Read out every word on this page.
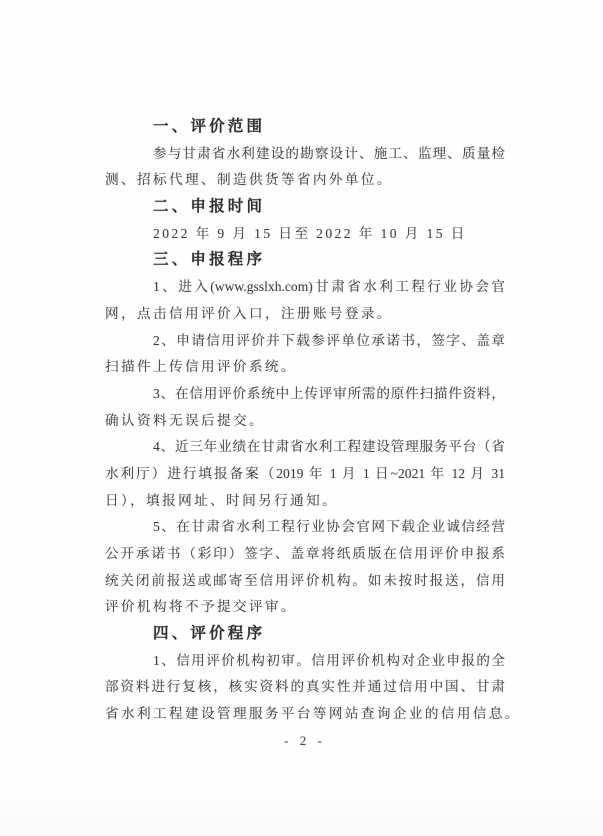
一、评价范围
参与甘肃省水利建设的勘察设计、施工、监理、质量检
测、招标代理、制造供货等省内外单位。
二、申报时间
2022 年 9 月 15 日至 2022 年 10 月 15 日
三、申报程序
1、进入(www.gsslxh.com)甘肃省水利工程行业协会官
网，点击信用评价入口，注册账号登录。
2、申请信用评价并下载参评单位承诺书，签字、盖章
扫描件上传信用评价系统。
3、在信用评价系统中上传评审所需的原件扫描件资料，
确认资料无误后提交。
4、近三年业绩在甘肃省水利工程建设管理服务平台（省
水利厅）进行填报备案（2019 年 1 月 1 日~2021 年 12 月 31
日），填报网址、时间另行通知。
5、在甘肃省水利工程行业协会官网下载企业诚信经营
公开承诺书（彩印）签字、盖章将纸质版在信用评价申报系
统关闭前报送或邮寄至信用评价机构。如未按时报送，信用
评价机构将不予提交评审。
四、评价程序
1、信用评价机构初审。信用评价机构对企业申报的全
部资料进行复核，核实资料的真实性并通过信用中国、甘肃
省水利工程建设管理服务平台等网站查询企业的信用信息。
- 2 -
